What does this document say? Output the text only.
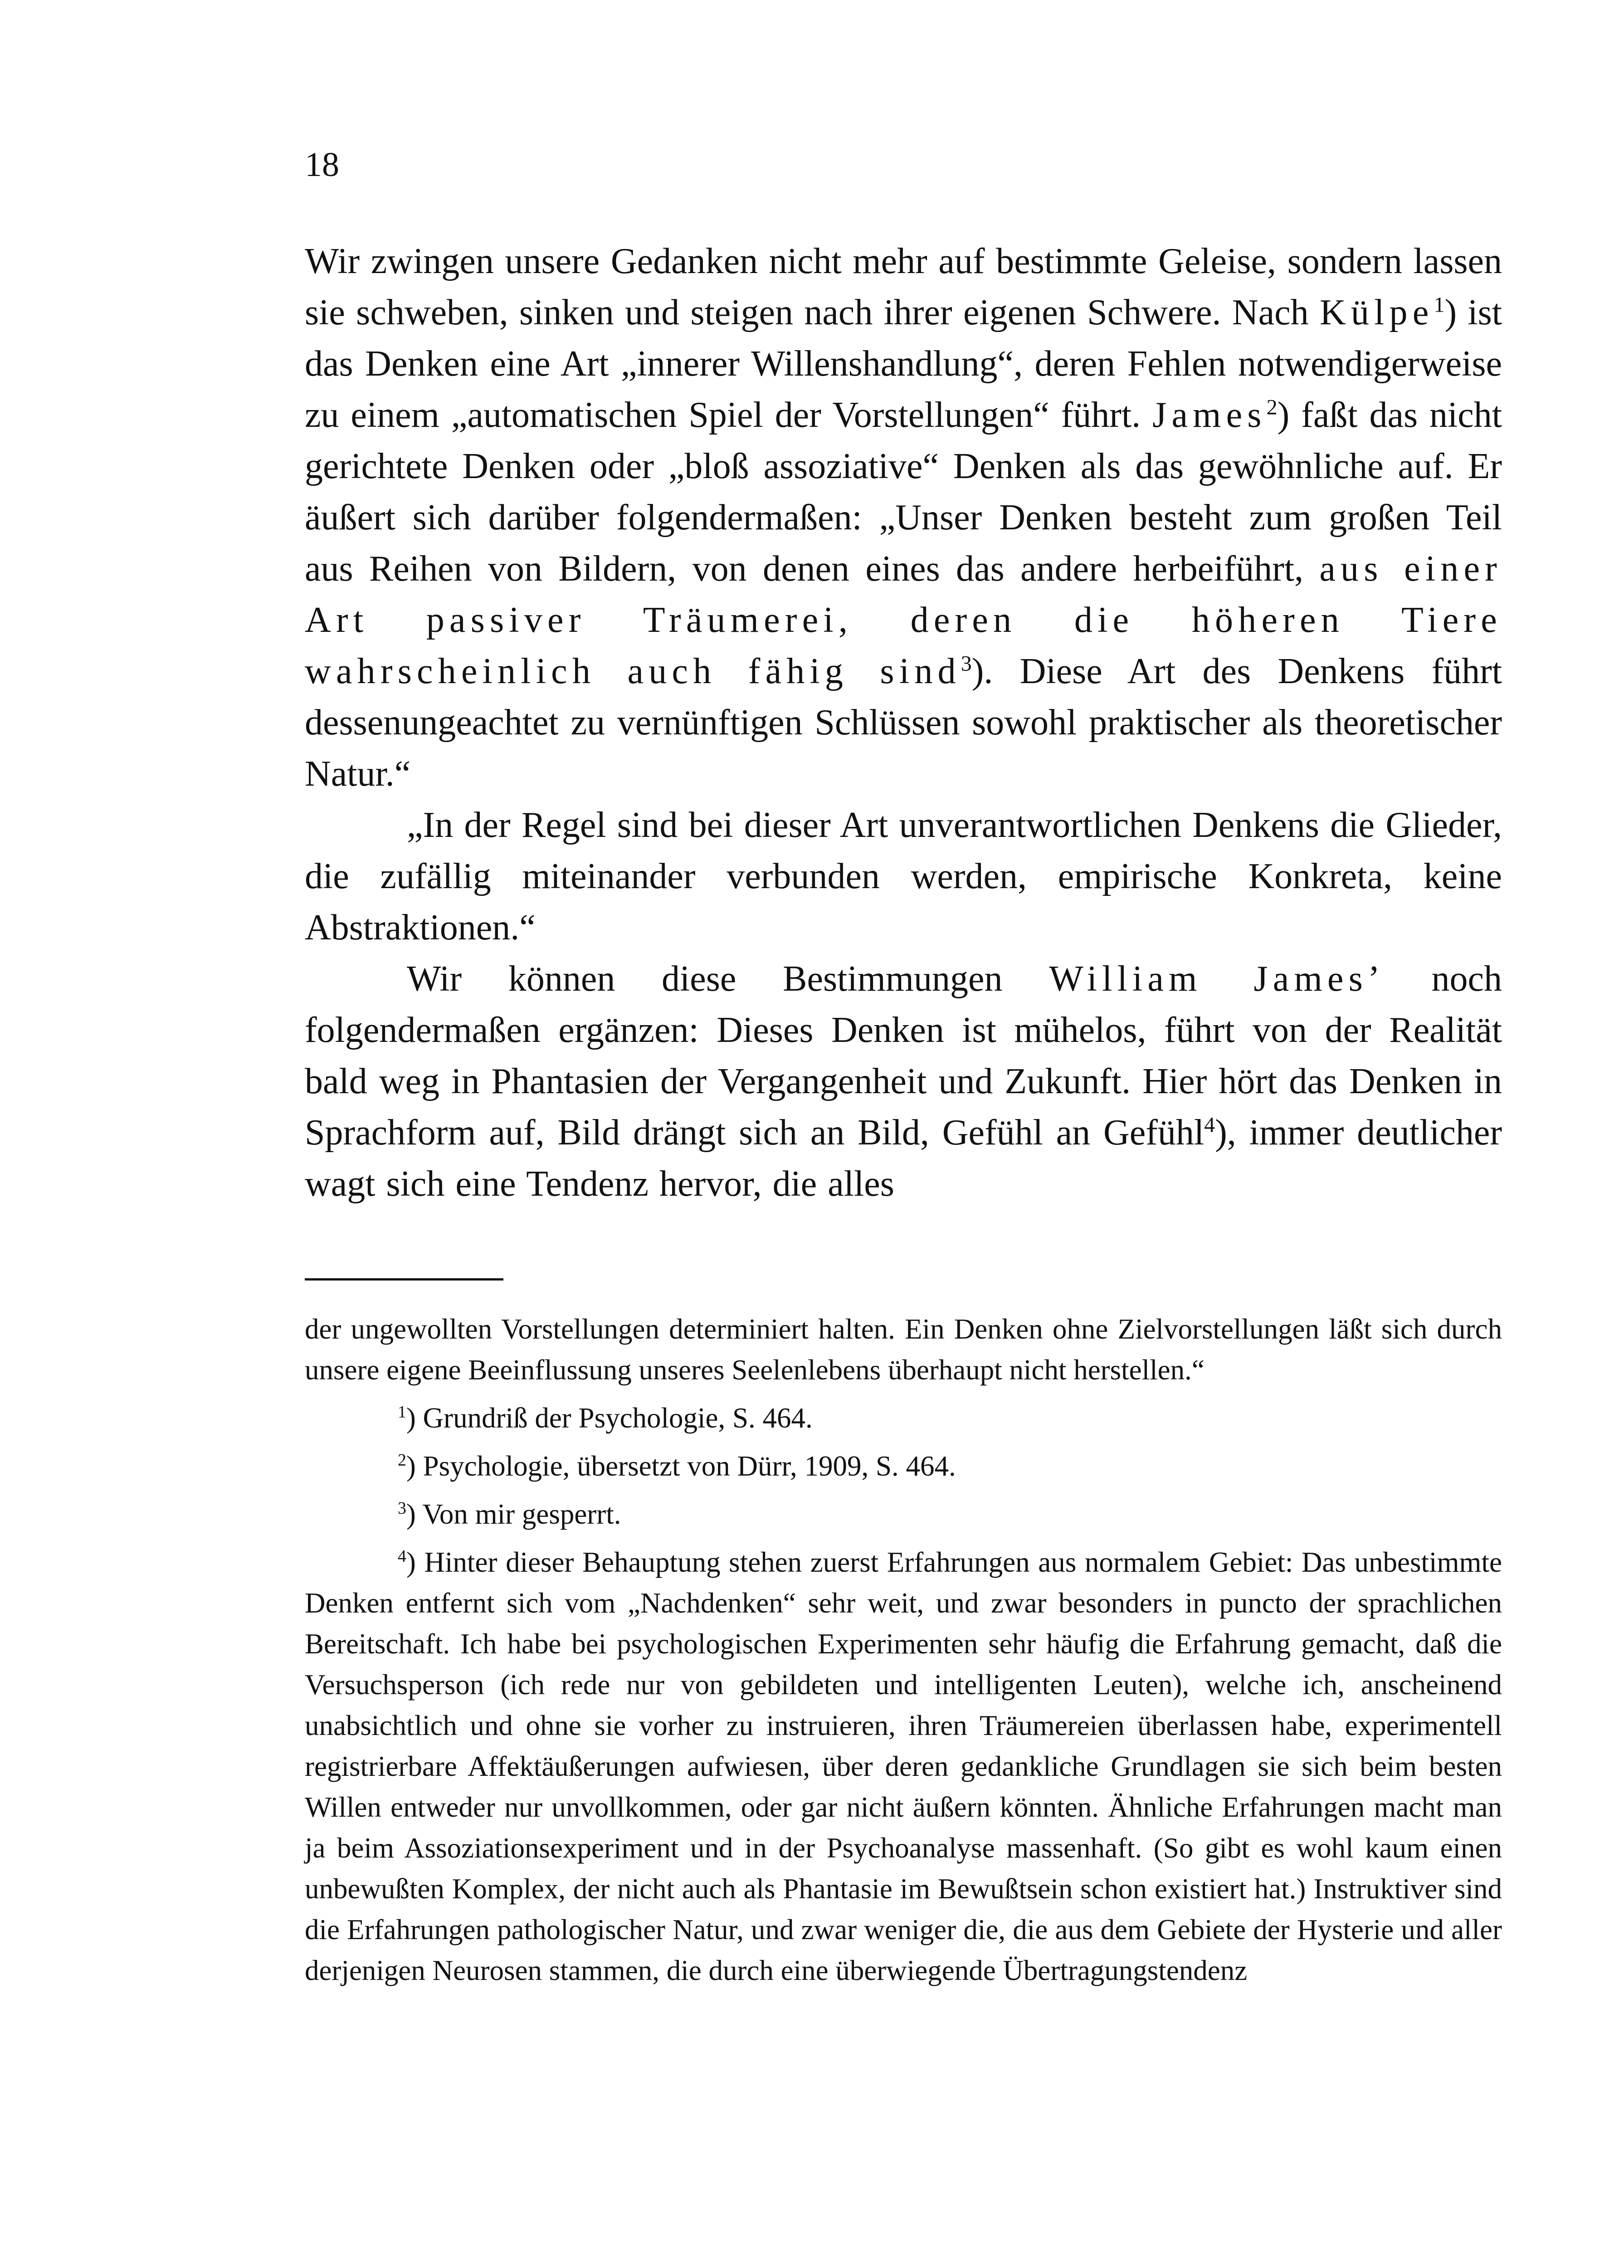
18

Wir zwingen unsere Gedanken nicht mehr auf bestimmte Geleise, sondern lassen sie schweben, sinken und steigen nach ihrer eigenen Schwere. Nach Külpe$^1$) ist das Denken eine Art „innerer Willenshandlung“, deren Fehlen notwendigerweise zu einem „automatischen Spiel der Vorstellungen“ führt. James$^2$) faßt das nicht gerichtete Denken oder „bloß assoziative“ Denken als das gewöhnliche auf. Er äußert sich darüber folgendermaßen: „Unser Denken besteht zum großen Teil aus Reihen von Bildern, von denen eines das andere herbeiführt, aus einer Art passiver Träumerei, deren die höheren Tiere wahrscheinlich auch fähig sind$^3$). Diese Art des Denkens führt dessenungeachtet zu vernünftigen Schlüssen sowohl praktischer als theoretischer Natur.“

„In der Regel sind bei dieser Art unverantwortlichen Denkens die Glieder, die zufällig miteinander verbunden werden, empirische Konkreta, keine Abstraktionen.“

Wir können diese Bestimmungen William James’ noch folgendermaßen ergänzen: Dieses Denken ist mühelos, führt von der Realität bald weg in Phantasien der Vergangenheit und Zukunft. Hier hört das Denken in Sprachform auf, Bild drängt sich an Bild, Gefühl an Gefühl$^4$), immer deutlicher wagt sich eine Tendenz hervor, die alles

der ungewollten Vorstellungen determiniert halten. Ein Denken ohne Zielvorstellungen läßt sich durch unsere eigene Beeinflussung unseres Seelenlebens überhaupt nicht herstellen.“

$^1$) Grundriß der Psychologie, S. 464.

$^2$) Psychologie, übersetzt von Dürr, 1909, S. 464.

$^3$) Von mir gesperrt.

$^4$) Hinter dieser Behauptung stehen zuerst Erfahrungen aus normalem Gebiet: Das unbestimmte Denken entfernt sich vom „Nachdenken“ sehr weit, und zwar besonders in puncto der sprachlichen Bereitschaft. Ich habe bei psychologischen Experimenten sehr häufig die Erfahrung gemacht, daß die Versuchsperson (ich rede nur von gebildeten und intelligenten Leuten), welche ich, anscheinend unabsichtlich und ohne sie vorher zu instruieren, ihren Träumereien überlassen habe, experimentell registrierbare Affektäußerungen aufwiesen, über deren gedankliche Grundlagen sie sich beim besten Willen entweder nur unvollkommen, oder gar nicht äußern könnten. Ähnliche Erfahrungen macht man ja beim Assoziationsexperiment und in der Psychoanalyse massenhaft. (So gibt es wohl kaum einen unbewußten Komplex, der nicht auch als Phantasie im Bewußtsein schon existiert hat.) Instruktiver sind die Erfahrungen pathologischer Natur, und zwar weniger die, die aus dem Gebiete der Hysterie und aller derjenigen Neurosen stammen, die durch eine überwiegende Übertragungstendenz
